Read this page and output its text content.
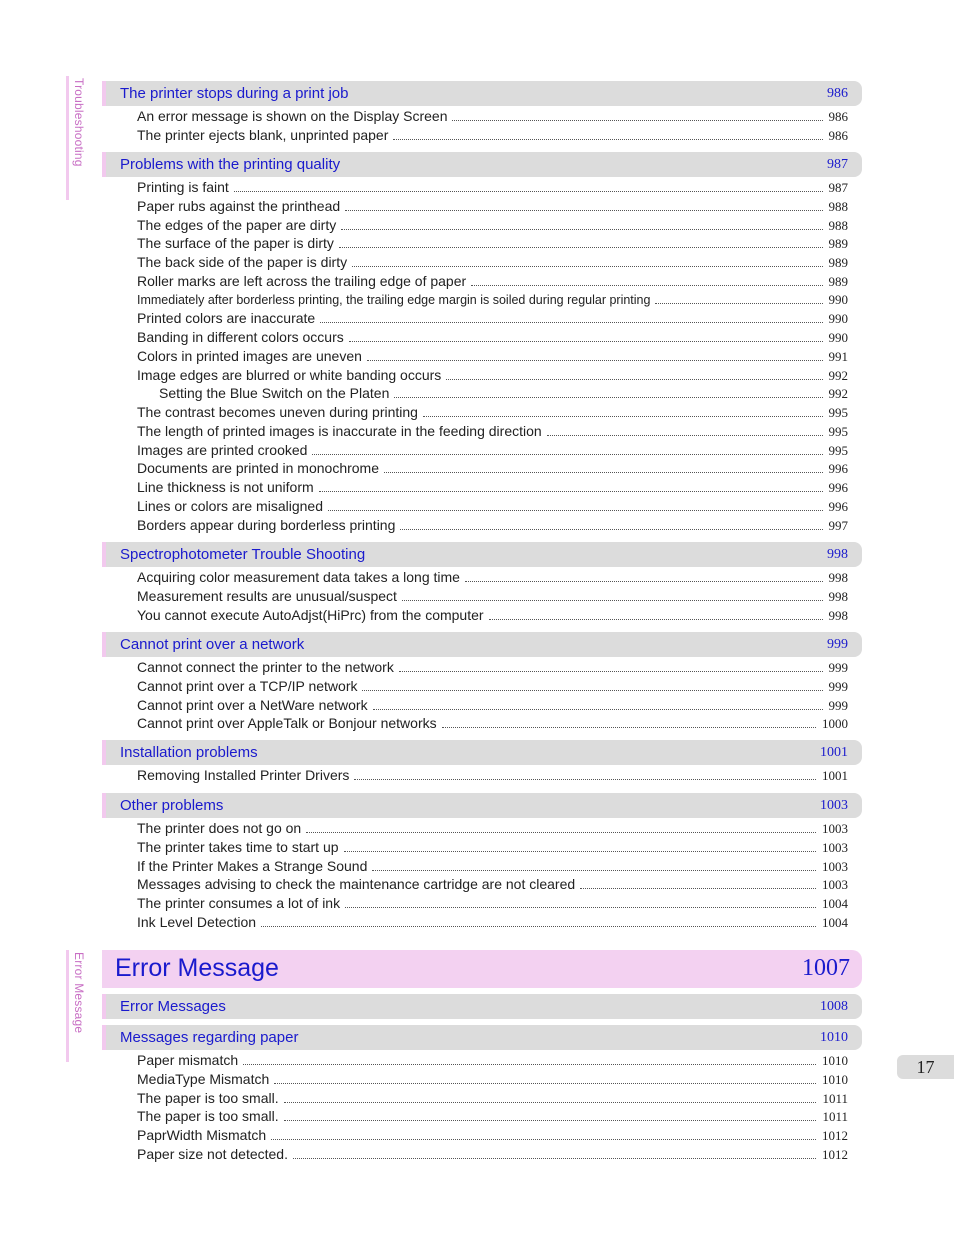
Troubleshooting
Error Message
The printer stops during a print job	986
An error message is shown on the Display Screen	986
The printer ejects blank, unprinted paper	986
Problems with the printing quality	987
Printing is faint	987
Paper rubs against the printhead	988
The edges of the paper are dirty	988
The surface of the paper is dirty	989
The back side of the paper is dirty	989
Roller marks are left across the trailing edge of paper	989
Immediately after borderless printing, the trailing edge margin is soiled during regular printing	990
Printed colors are inaccurate	990
Banding in different colors occurs	990
Colors in printed images are uneven	991
Image edges are blurred or white banding occurs	992
Setting the Blue Switch on the Platen	992
The contrast becomes uneven during printing	995
The length of printed images is inaccurate in the feeding direction	995
Images are printed crooked	995
Documents are printed in monochrome	996
Line thickness is not uniform	996
Lines or colors are misaligned	996
Borders appear during borderless printing	997
Spectrophotometer Trouble Shooting	998
Acquiring color measurement data takes a long time	998
Measurement results are unusual/suspect	998
You cannot execute AutoAdjst(HiPrc) from the computer	998
Cannot print over a network	999
Cannot connect the printer to the network	999
Cannot print over a TCP/IP network	999
Cannot print over a NetWare network	999
Cannot print over AppleTalk or Bonjour networks	1000
Installation problems	1001
Removing Installed Printer Drivers	1001
Other problems	1003
The printer does not go on	1003
The printer takes time to start up	1003
If the Printer Makes a Strange Sound	1003
Messages advising to check the maintenance cartridge are not cleared	1003
The printer consumes a lot of ink	1004
Ink Level Detection	1004
Error Message	1007
Error Messages	1008
Messages regarding paper	1010
Paper mismatch	1010
MediaType Mismatch	1010
The paper is too small.	1011
The paper is too small.	1011
PaprWidth Mismatch	1012
Paper size not detected.	1012
17
